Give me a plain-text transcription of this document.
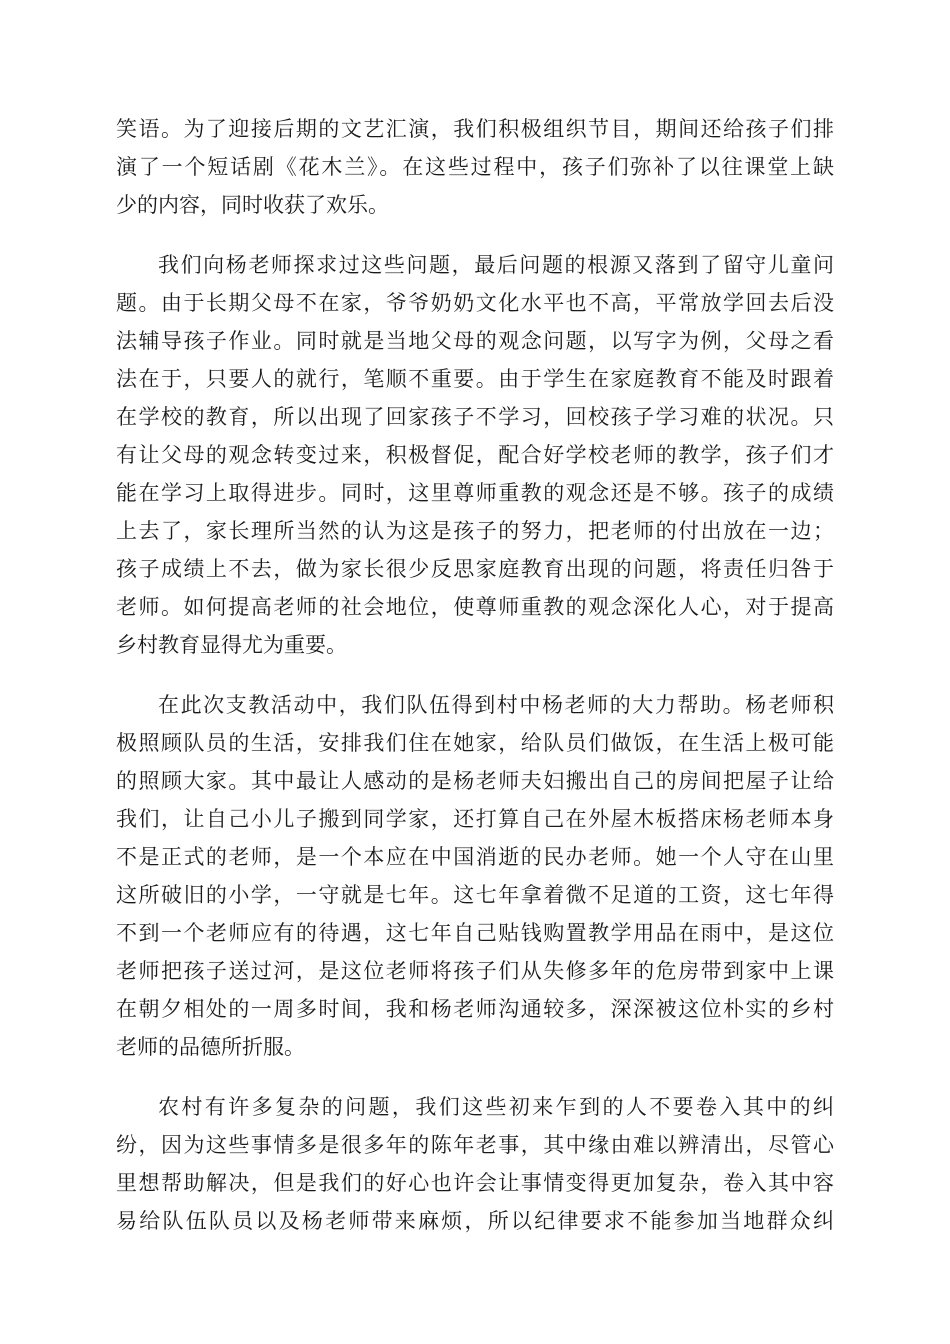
笑语。为了迎接后期的文艺汇演，我们积极组织节目，期间还给孩子们排
演了一个短话剧《花木兰》。在这些过程中，孩子们弥补了以往课堂上缺
少的内容，同时收获了欢乐。
我们向杨老师探求过这些问题，最后问题的根源又落到了留守儿童问
题。由于长期父母不在家，爷爷奶奶文化水平也不高，平常放学回去后没
法辅导孩子作业。同时就是当地父母的观念问题，以写字为例，父母之看
法在于，只要人的就行，笔顺不重要。由于学生在家庭教育不能及时跟着
在学校的教育，所以出现了回家孩子不学习，回校孩子学习难的状况。只
有让父母的观念转变过来，积极督促，配合好学校老师的教学，孩子们才
能在学习上取得进步。同时，这里尊师重教的观念还是不够。孩子的成绩
上去了，家长理所当然的认为这是孩子的努力，把老师的付出放在一边；
孩子成绩上不去，做为家长很少反思家庭教育出现的问题，将责任归咎于
老师。如何提高老师的社会地位，使尊师重教的观念深化人心，对于提高
乡村教育显得尤为重要。
在此次支教活动中，我们队伍得到村中杨老师的大力帮助。杨老师积
极照顾队员的生活，安排我们住在她家，给队员们做饭，在生活上极可能
的照顾大家。其中最让人感动的是杨老师夫妇搬出自己的房间把屋子让给
我们，让自己小儿子搬到同学家，还打算自己在外屋木板搭床杨老师本身
不是正式的老师，是一个本应在中国消逝的民办老师。她一个人守在山里
这所破旧的小学，一守就是七年。这七年拿着微不足道的工资，这七年得
不到一个老师应有的待遇，这七年自己贴钱购置教学用品在雨中，是这位
老师把孩子送过河，是这位老师将孩子们从失修多年的危房带到家中上课
在朝夕相处的一周多时间，我和杨老师沟通较多，深深被这位朴实的乡村
老师的品德所折服。
农村有许多复杂的问题，我们这些初来乍到的人不要卷入其中的纠
纷，因为这些事情多是很多年的陈年老事，其中缘由难以辨清出，尽管心
里想帮助解决，但是我们的好心也许会让事情变得更加复杂，卷入其中容
易给队伍队员以及杨老师带来麻烦，所以纪律要求不能参加当地群众纠
